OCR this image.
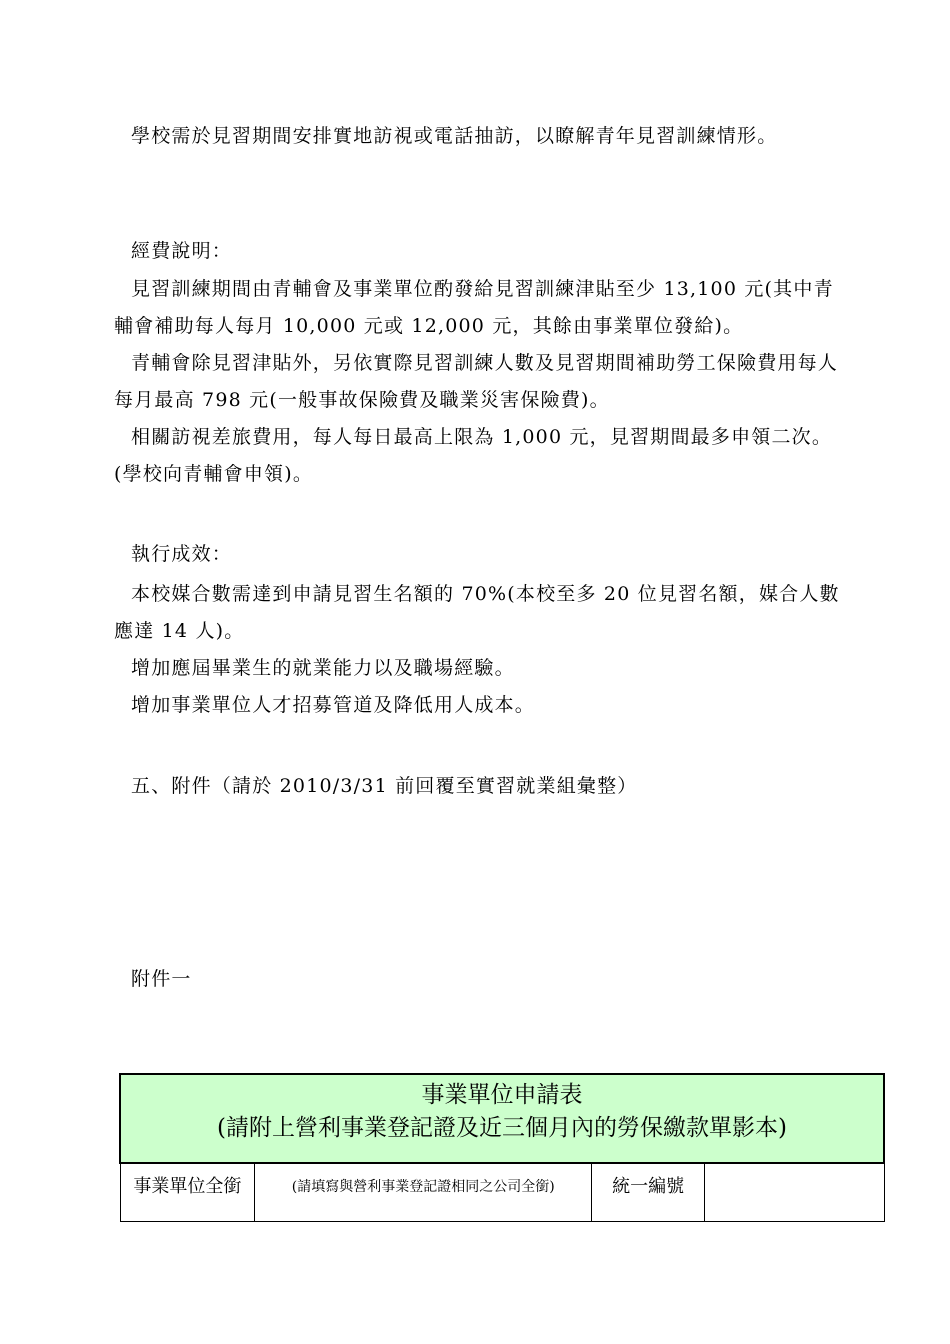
學校需於見習期間安排實地訪視或電話抽訪，以瞭解青年見習訓練情形。

經費說明：

見習訓練期間由青輔會及事業單位酌發給見習訓練津貼至少 13,100 元(其中青輔會補助每人每月 10,000 元或 12,000 元，其餘由事業單位發給)。

青輔會除見習津貼外，另依實際見習訓練人數及見習期間補助勞工保險費用每人每月最高 798 元(一般事故保險費及職業災害保險費)。

相關訪視差旅費用，每人每日最高上限為 1,000 元，見習期間最多申領二次。(學校向青輔會申領)。

執行成效：

本校媒合數需達到申請見習生名額的 70%(本校至多 20 位見習名額，媒合人數應達 14 人)。

增加應屆畢業生的就業能力以及職場經驗。

增加事業單位人才招募管道及降低用人成本。

五、附件（請於 2010/3/31 前回覆至實習就業組彙整）
附件一
事業單位申請表
(請附上營利事業登記證及近三個月內的勞保繳款單影本)

事業單位全銜	(請填寫與營利事業登記證相同之公司全銜)	統一編號	
